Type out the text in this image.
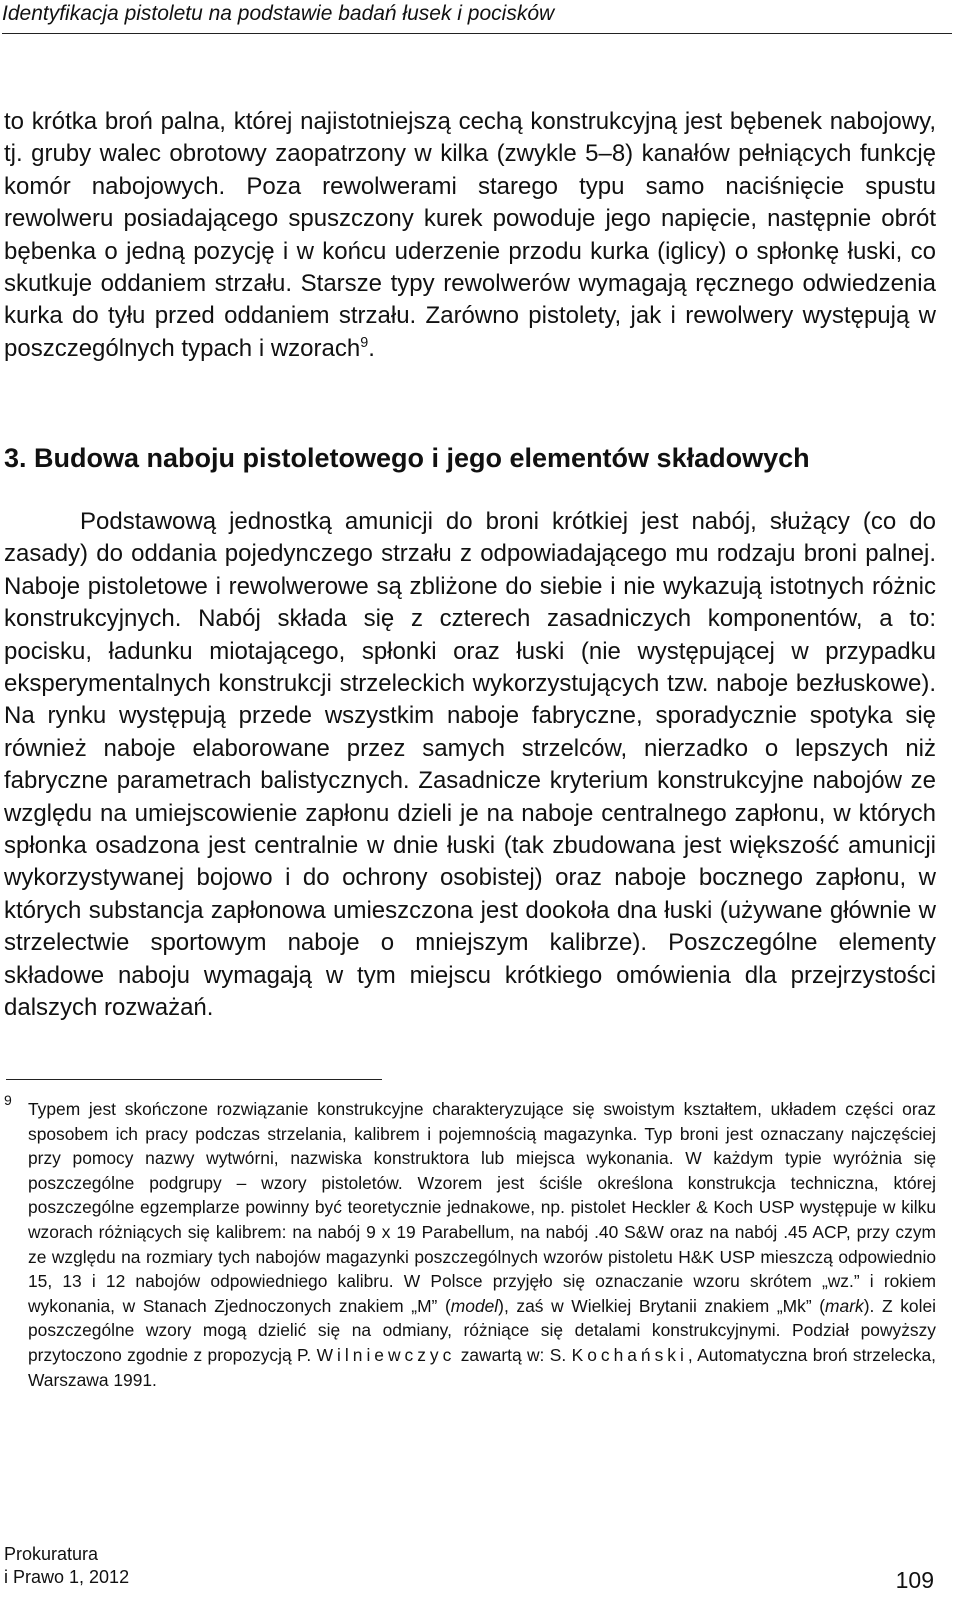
Identyfikacja pistoletu na podstawie badań łusek i pocisków

to krótka broń palna, której najistotniejszą cechą konstrukcyjną jest bębenek nabojowy, tj. gruby walec obrotowy zaopatrzony w kilka (zwykle 5–8) kanałów pełniących funkcję komór nabojowych. Poza rewolwerami starego typu samo naciśnięcie spustu rewolweru posiadającego spuszczony kurek powoduje jego napięcie, następnie obrót bębenka o jedną pozycję i w końcu uderzenie przodu kurka (iglicy) o spłonkę łuski, co skutkuje oddaniem strzału. Starsze typy rewolwerów wymagają ręcznego odwiedzenia kurka do tyłu przed oddaniem strzału. Zarówno pistolety, jak i rewolwery występują w poszczególnych typach i wzorach$^9$.

3. Budowa naboju pistoletowego i jego elementów składowych

Podstawową jednostką amunicji do broni krótkiej jest nabój, służący (co do zasady) do oddania pojedynczego strzału z odpowiadającego mu rodzaju broni palnej. Naboje pistoletowe i rewolwerowe są zbliżone do siebie i nie wykazują istotnych różnic konstrukcyjnych. Nabój składa się z czterech zasadniczych komponentów, a to: pocisku, ładunku miotającego, spłonki oraz łuski (nie występującej w przypadku eksperymentalnych konstrukcji strzeleckich wykorzystujących tzw. naboje bezłuskowe). Na rynku występują przede wszystkim naboje fabryczne, sporadycznie spotyka się również naboje elaborowane przez samych strzelców, nierzadko o lepszych niż fabryczne parametrach balistycznych. Zasadnicze kryterium konstrukcyjne nabojów ze względu na umiejscowienie zapłonu dzieli je na naboje centralnego zapłonu, w których spłonka osadzona jest centralnie w dnie łuski (tak zbudowana jest większość amunicji wykorzystywanej bojowo i do ochrony osobistej) oraz naboje bocznego zapłonu, w których substancja zapłonowa umieszczona jest dookoła dna łuski (używane głównie w strzelectwie sportowym naboje o mniejszym kalibrze). Poszczególne elementy składowe naboju wymagają w tym miejscu krótkiego omówienia dla przejrzystości dalszych rozważań.

9 Typem jest skończone rozwiązanie konstrukcyjne charakteryzujące się swoistym kształtem, układem części oraz sposobem ich pracy podczas strzelania, kalibrem i pojemnością magazynka. Typ broni jest oznaczany najczęściej przy pomocy nazwy wytwórni, nazwiska konstruktora lub miejsca wykonania. W każdym typie wyróżnia się poszczególne podgrupy – wzory pistoletów. Wzorem jest ściśle określona konstrukcja techniczna, której poszczególne egzemplarze powinny być teoretycznie jednakowe, np. pistolet Heckler & Koch USP występuje w kilku wzorach różniących się kalibrem: na nabój 9 x 19 Parabellum, na nabój .40 S&W oraz na nabój .45 ACP, przy czym ze względu na rozmiary tych nabojów magazynki poszczególnych wzorów pistoletu H&K USP mieszczą odpowiednio 15, 13 i 12 nabojów odpowiedniego kalibru. W Polsce przyjęło się oznaczanie wzoru skrótem „wz.” i rokiem wykonania, w Stanach Zjednoczonych znakiem „M” (model), zaś w Wielkiej Brytanii znakiem „Mk” (mark). Z kolei poszczególne wzory mogą dzielić się na odmiany, różniące się detalami konstrukcyjnymi. Podział powyższy przytoczono zgodnie z propozycją P. Wilniewczyc zawartą w: S. Kochański, Automatyczna broń strzelecka, Warszawa 1991.

Prokuratura
i Prawo 1, 2012	109
